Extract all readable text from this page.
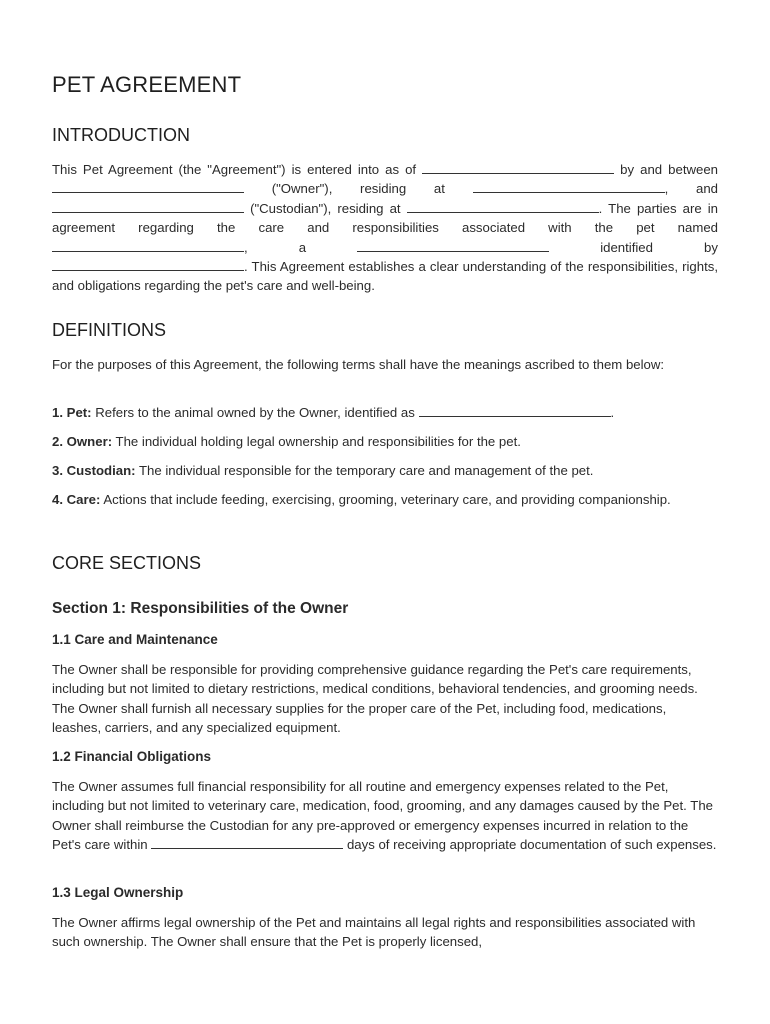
PET AGREEMENT
INTRODUCTION

This Pet Agreement (the "Agreement") is entered into as of	by and between  ("Owner"), residing at	, and  ("Custodian"), residing at	. The parties are in agreement regarding the care and responsibilities associated with the pet named , a	identified by . This Agreement establishes a clear understanding of the responsibilities, rights, and obligations regarding the pet's care and well-being.

DEFINITIONS

For the purposes of this Agreement, the following terms shall have the meanings ascribed to them below:

1. Pet: Refers to the animal owned by the Owner, identified as	.

2. Owner: The individual holding legal ownership and responsibilities for the pet.

3. Custodian: The individual responsible for the temporary care and management of the pet.

4. Care: Actions that include feeding, exercising, grooming, veterinary care, and providing companionship.

CORE SECTIONS
Section 1: Responsibilities of the Owner
1.1 Care and Maintenance

The Owner shall be responsible for providing comprehensive guidance regarding the Pet's care requirements, including but not limited to dietary restrictions, medical conditions, behavioral tendencies, and grooming needs. The Owner shall furnish all necessary supplies for the proper care of the Pet, including food, medications, leashes, carriers, and any specialized equipment.

1.2 Financial Obligations

The Owner assumes full financial responsibility for all routine and emergency expenses related to the Pet, including but not limited to veterinary care, medication, food, grooming, and any damages caused by the Pet. The Owner shall reimburse the Custodian for any pre-approved or emergency expenses incurred in relation to the Pet's care within	days of receiving appropriate documentation of such expenses.

1.3 Legal Ownership

The Owner affirms legal ownership of the Pet and maintains all legal rights and responsibilities associated with such ownership. The Owner shall ensure that the Pet is properly licensed,
